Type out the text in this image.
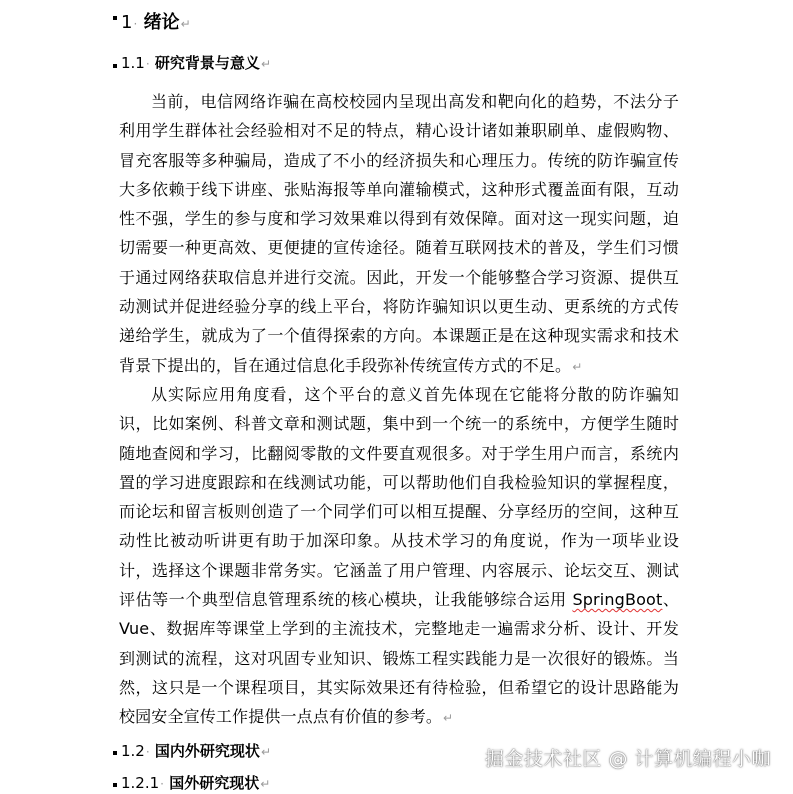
1· 绪论↵
1.1· 研究背景与意义↵
当前，电信网络诈骗在高校校园内呈现出高发和靶向化的趋势，不法分子利用学生群体社会经验相对不足的特点，精心设计诸如兼职刷单、虚假购物、冒充客服等多种骗局，造成了不小的经济损失和心理压力。传统的防诈骗宣传大多依赖于线下讲座、张贴海报等单向灌输模式，这种形式覆盖面有限，互动性不强，学生的参与度和学习效果难以得到有效保障。面对这一现实问题，迫切需要一种更高效、更便捷的宣传途径。随着互联网技术的普及，学生们习惯于通过网络获取信息并进行交流。因此，开发一个能够整合学习资源、提供互动测试并促进经验分享的线上平台，将防诈骗知识以更生动、更系统的方式传递给学生，就成为了一个值得探索的方向。本课题正是在这种现实需求和技术背景下提出的，旨在通过信息化手段弥补传统宣传方式的不足。↵
从实际应用角度看，这个平台的意义首先体现在它能将分散的防诈骗知识，比如案例、科普文章和测试题，集中到一个统一的系统中，方便学生随时随地查阅和学习，比翻阅零散的文件要直观很多。对于学生用户而言，系统内置的学习进度跟踪和在线测试功能，可以帮助他们自我检验知识的掌握程度，而论坛和留言板则创造了一个同学们可以相互提醒、分享经历的空间，这种互动性比被动听讲更有助于加深印象。从技术学习的角度说，作为一项毕业设计，选择这个课题非常务实。它涵盖了用户管理、内容展示、论坛交互、测试评估等一个典型信息管理系统的核心模块，让我能够综合运用 SpringBoot、Vue、数据库等课堂上学到的主流技术，完整地走一遍需求分析、设计、开发到测试的流程，这对巩固专业知识、锻炼工程实践能力是一次很好的锻炼。当然，这只是一个课程项目，其实际效果还有待检验，但希望它的设计思路能为校园安全宣传工作提供一点点有价值的参考。↵
1.2· 国内外研究现状↵
1.2.1· 国外研究现状↵
掘金技术社区 @ 计算机编程小咖
